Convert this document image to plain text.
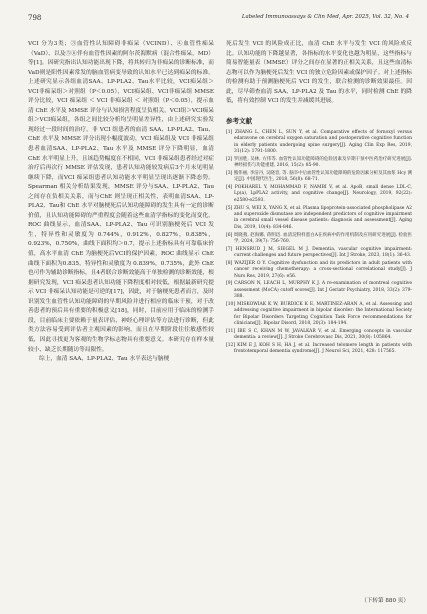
798	Labeled Immunoassays & Clin Med, Apr. 2025, Vol. 32, No. 4

VCI 分为3类；③血管性认知障碍非痴呆（VCIND）、④血管性痴呆（VaD）、以及⑤⑥伴有血管性因素的阿尔茨海默病（混合性痴呆，MD）等[1]。因研究指出认知功能出现下降，将其转归为非痴呆的诊断标准，而VaD则是阳性因素常发的脑血管病变导致的认知水平已达到痴呆的标准。上述研究显示各组血清SAA、LP-PLA2、Tau水平比较，VCI痴呆组＞VCI非痴呆组＞对照组（P＜0.05），VCI痴呆组、VCI非痴呆组 MMSE 评分比较，VCI 痴呆组 ＜ VCI 非痴呆组 ＜ 对照组（P＜0.05），提示血清 ChE 水平及 MMSE 评分与认知损害程度呈负相关，VCI组＞VCI痴呆组＞VCI痴呆组，各组之间比较分析均呈明显差异性，由上述研究实验发现经过一段时间的治疗，非 VCI 组患者的血清 SAA、LP-PLA2、Tau、ChE 水平及 MMSE 评分出现小幅度波动，VCI 痴呆组及 VCI 非痴呆组患者血清SAA、LP-PLA2、Tau 水平及 MMSE 评分下降明显，血清 ChE 水平明显上升，且该趋势幅度在不相同，VCI 非痴呆组患者经过对症治疗后再次行 MMSE 评估发现，患者认知功能较发病后3个月未见明显继续下降，而VCI 痴呆组患者认知功能水平明显呈现出逐渐下降态势。Spearman 相关分析结果发现，MMSE 评分与SAA、LP-PLA2、Tau 之间存在负相关关系，而与ChE 则呈现正相关性，表明血清SAA、LP-PLA2、Tau和 ChE 水平对脑梗死后认知功能障碍的发生具有一定的诊断价值，且认知功能障碍的严重程度会随着这些血清学指标的变化而变化。ROC 曲线显示，血清SAA、LP-PLA2、Tau 可识别脑梗死后 VCI 发生，特异性和灵敏度为 0.744%，0.912%，0.827%，0.838%，0.923%，0.750%，曲线下面积均＞0.7，提示上述指标具有可靠临床价值，高水平血清 ChE 为脑梗死后VCI的保护因素，ROC 曲线显示 ChE 曲线下面积为0.835，特异性和灵敏度为 0.839%，0.735%，此外 ChE也可作为辅助诊断指标，且4者联合诊断效能高于单独检测的诊断效能，根据研究发现，VCI 痴呆患者认知功能下降程度相对较低，根据最新研究提示 VCI 非痴呆认知功能是可逆的[17]，因此，对于脑梗死患者而言，及时识别发生血管性认知功能障碍的早期风险并进行相应的临床干预，对于改善患者的预后具有重要的积极意义[18]，同时，目前应用于临床的检测手段，目前临床主要依赖于量表评估、神经心理评估等方法进行诊断，但此类方法容易受到评估者主观因素的影响，而且在早期阶段往往敏感性较低，因此寻找更为客观的生物学标志物具有重要意义。本研究存在样本量较小、缺乏长期随访等局限性。

综上，血清 SAA、LP-PLA2、Tau 水平表达与脑梗

死后发生 VCI 的风险成正比，血清 ChE 水平与发生 VCI 的风险成反比。认知功能的下降越显著，各指标的水平变化也越为明显，这些指标与简易智能量表（MMSE）评分之间存在显著的正相关关系，且这些血清标志物可以作为脑梗死后发生 VCI 的独立危险因素或保护因子。对上述指标的检测有助于预测脑梗死后 VCI 的发生，联合检测的诊断效果最佳。因此，尽早筛查血清 SAA、LP-PLA2 及 Tau 的水平，同时检测 ChE 的降低，将有效控制 VCI 的发生并减缓其进展。

参考文献
[1] ZHANG L, CHEN L, SUN Y, et al. Comparative effects of fornoxyl versus edaravone on cerebral oxygen saturation and postoperative cognitive function in elderly patients undergoing spine surgery[J]. Aging Clin Exp Res, 2019, 31(12): 1791-1800.
[2] 罗国胜, 吴林, 方伟等. 血管性认知功能障碍的危险因素及早期干预中医药治疗研究进展[J]. 神经损伤与功能重建, 2016, 15(2): 85-90.
[3] 熊伟丽, 李洁丹, 吴晓容, 等. 脑卒中后血管性认知功能障碍的危险因素分析及其血浆 Hcy 测定[J]. 中国现代医生, 2018, 56(8): 68-71.
[4] POKHAREL Y, MOHAMMAD F, NAMBI V, et al. ApoB, small dense LDL-C, Lp(a), LpPLA2 activity, and cognitive change[J]. Neurology, 2019, 92(22): e2580-e2593.
[5] ZHU S, WEI X, YANG X, et al. Plasma lipoprotein-associated phospholipase A2 and superoxide dismutase are independent predictors of cognitive impairment in cerebral small vessel disease patients: diagnosis and assessment[J]. Aging Dis, 2019, 10(4): 834-846.
[6] 周晓燕, 赵海娜, 蒋明迅. 血清淀粉样蛋白A在疾病中的作用机制及应用研究进展[J]. 检验医学, 2024, 39(7): 756-760.
[7] HENSRUD J M, SIEGEL M J. Dementia, vascular cognitive impairment: current challenges and future perspectives[J]. Int J Stroke, 2023, 18(1): 36-43.
[8] WAZIJER O Y. Cognitive dysfunction and its predictors in adult patients with cancer receiving chemotherapy: a cross-sectional correlational study[J]. J Nurs Res, 2019, 27(6): e56.
[9] CARSON N, LEACH L, MURPHY K J. A re-examination of montreal cognitive assessment (MoCA) cutoff scores[J]. Int J Geriatr Psychiatry, 2018, 33(2): 379-388.
[10] MISKOWIAK K W, BURDICK K E, MARTINEZ-ARAN A, et al. Assessing and addressing cognitive impairment in bipolar disorder: the International Society for Bipolar Disorders Targeting Cognition Task Force recommendations for clinicians[J]. Bipolar Disord, 2018, 20(3): 184-194.
[11] IBE S C, KHAN M W, JAVALKAR V, et al. Emerging concepts in vascular dementia: a review[J]. J Stroke Cerebrovasc Dis, 2021, 30(8): 105864.
[12] KIM E J, KOH S H, HA J, et al. Increased telomere length in patients with frontotemporal dementia syndrome[J]. J Neurol Sci, 2021, 428: 117565.
（下转第 880 页）
